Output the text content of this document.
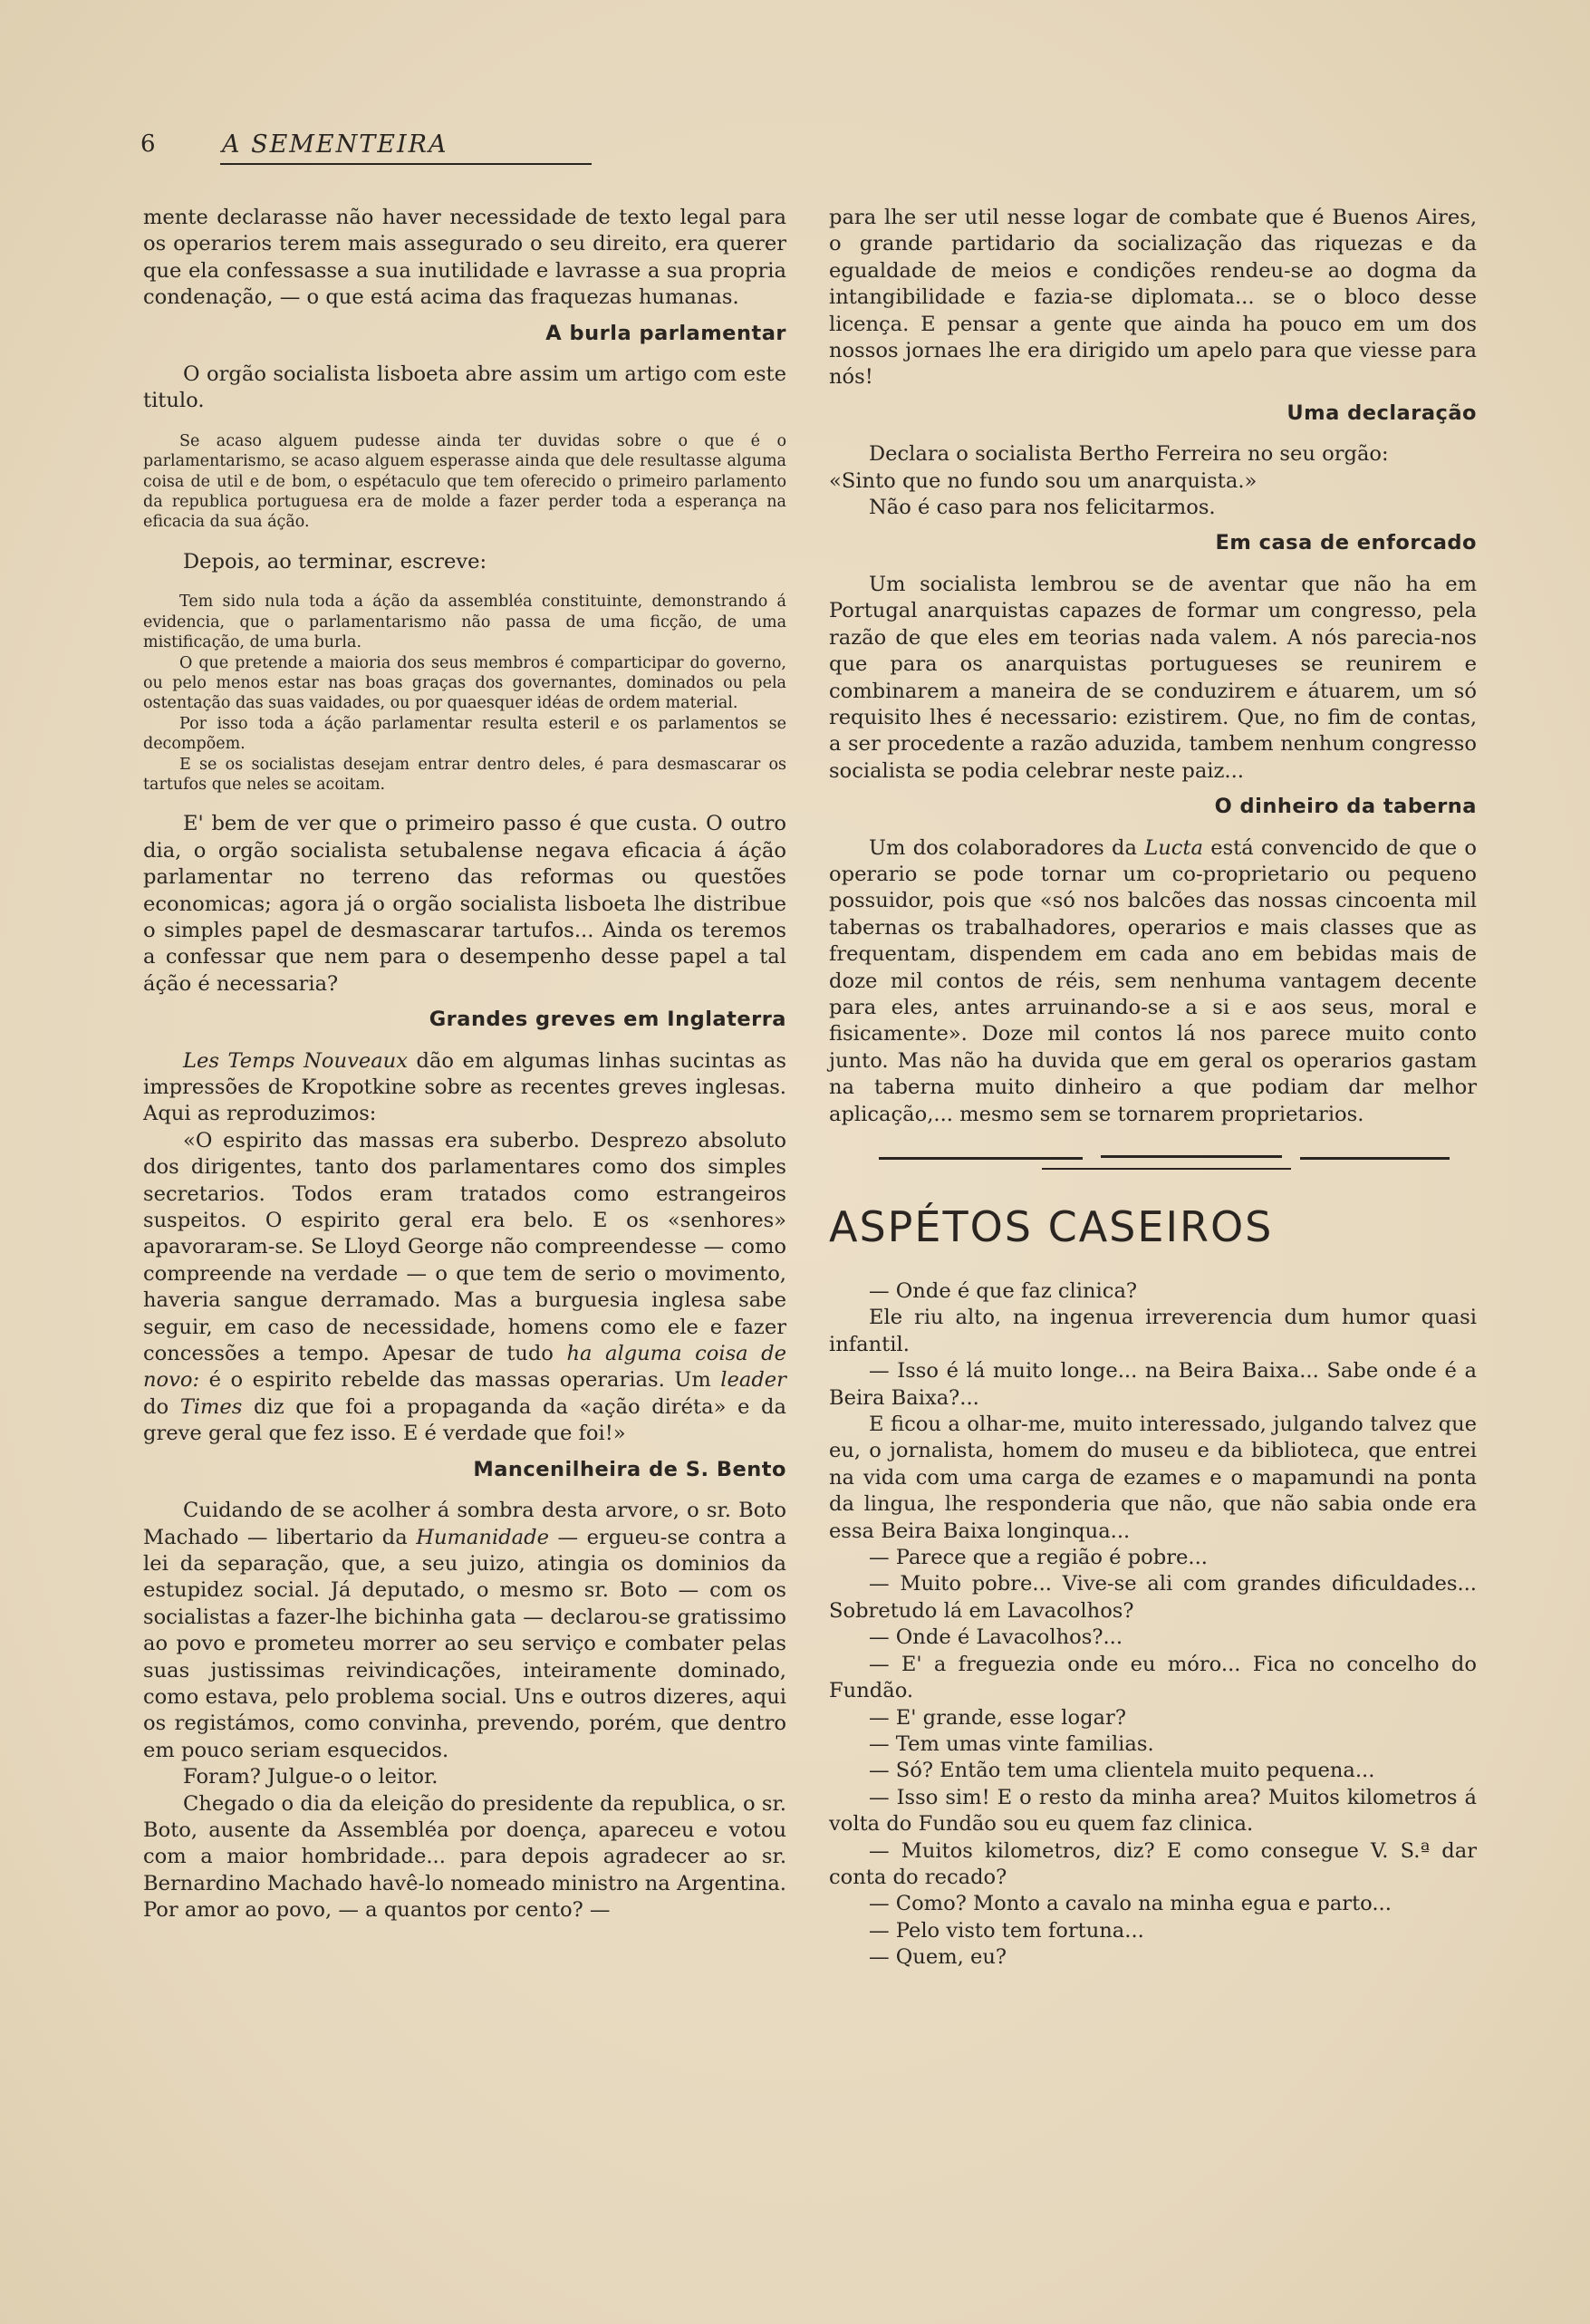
6	A SEMENTEIRA

mente declarasse não haver necessidade de texto legal para os operarios terem mais assegurado o seu direito, era querer que ela confessasse a sua inutilidade e lavrasse a sua propria condenação, — o que está acima das fraquezas humanas.

A burla parlamentar

O orgão socialista lisboeta abre assim um artigo com este titulo.

Se acaso alguem pudesse ainda ter duvidas sobre o que é o parlamentarismo, se acaso alguem esperasse ainda que dele resultasse alguma coisa de util e de bom, o espétaculo que tem oferecido o primeiro parlamento da republica portuguesa era de molde a fazer perder toda a esperança na eficacia da sua áção.

Depois, ao terminar, escreve:

Tem sido nula toda a áção da assembléa constituinte, demonstrando á evidencia, que o parlamentarismo não passa de uma ficção, de uma mistificação, de uma burla.

O que pretende a maioria dos seus membros é comparticipar do governo, ou pelo menos estar nas boas graças dos governantes, dominados ou pela ostentação das suas vaidades, ou por quaesquer idéas de ordem material.

Por isso toda a áção parlamentar resulta esteril e os parlamentos se decompõem.

E se os socialistas desejam entrar dentro deles, é para desmascarar os tartufos que neles se acoitam.

E' bem de ver que o primeiro passo é que custa. O outro dia, o orgão socialista setubalense negava eficacia á áção parlamentar no terreno das reformas ou questões economicas; agora já o orgão socialista lisboeta lhe distribue o simples papel de desmascarar tartufos... Ainda os teremos a confessar que nem para o desempenho desse papel a tal áção é necessaria?

Grandes greves em Inglaterra

Les Temps Nouveaux dão em algumas linhas sucintas as impressões de Kropotkine sobre as recentes greves inglesas. Aqui as reproduzimos:

«O espirito das massas era suberbo. Desprezo absoluto dos dirigentes, tanto dos parlamentares como dos simples secretarios. Todos eram tratados como estrangeiros suspeitos. O espirito geral era belo. E os «senhores» apavoraram-se. Se Lloyd George não compreendesse — como compreende na verdade — o que tem de serio o movimento, haveria sangue derramado. Mas a burguesia inglesa sabe seguir, em caso de necessidade, homens como ele e fazer concessões a tempo. Apesar de tudo ha alguma coisa de novo: é o espirito rebelde das massas operarias. Um leader do Times diz que foi a propaganda da «ação diréta» e da greve geral que fez isso. E é verdade que foi!»

Mancenilheira de S. Bento

Cuidando de se acolher á sombra desta arvore, o sr. Boto Machado — libertario da Humanidade — ergueu-se contra a lei da separação, que, a seu juizo, atingia os dominios da estupidez social. Já deputado, o mesmo sr. Boto — com os socialistas a fazer-lhe bichinha gata — declarou-se gratissimo ao povo e prometeu morrer ao seu serviço e combater pelas suas justissimas reivindicações, inteiramente dominado, como estava, pelo problema social. Uns e outros dizeres, aqui os registámos, como convinha, prevendo, porém, que dentro em pouco seriam esquecidos.

Foram? Julgue-o o leitor.

Chegado o dia da eleição do presidente da republica, o sr. Boto, ausente da Assembléa por doença, apareceu e votou com a maior hombridade... para depois agradecer ao sr. Bernardino Machado havê-lo nomeado ministro na Argentina. Por amor ao povo, — a quantos por cento? —

para lhe ser util nesse logar de combate que é Buenos Aires, o grande partidario da socialização das riquezas e da egualdade de meios e condições rendeu-se ao dogma da intangibilidade e fazia-se diplomata... se o bloco desse licença. E pensar a gente que ainda ha pouco em um dos nossos jornaes lhe era dirigido um apelo para que viesse para nós!

Uma declaração

Declara o socialista Bertho Ferreira no seu orgão:

«Sinto que no fundo sou um anarquista.»

Não é caso para nos felicitarmos.

Em casa de enforcado

Um socialista lembrou se de aventar que não ha em Portugal anarquistas capazes de formar um congresso, pela razão de que eles em teorias nada valem. A nós parecia-nos que para os anarquistas portugueses se reunirem e combinarem a maneira de se conduzirem e átuarem, um só requisito lhes é necessario: ezistirem. Que, no fim de contas, a ser procedente a razão aduzida, tambem nenhum congresso socialista se podia celebrar neste paiz...

O dinheiro da taberna

Um dos colaboradores da Lucta está convencido de que o operario se pode tornar um co-proprietario ou pequeno possuidor, pois que «só nos balcões das nossas cincoenta mil tabernas os trabalhadores, operarios e mais classes que as frequentam, dispendem em cada ano em bebidas mais de doze mil contos de réis, sem nenhuma vantagem decente para eles, antes arruinando-se a si e aos seus, moral e fisicamente». Doze mil contos lá nos parece muito conto junto. Mas não ha duvida que em geral os operarios gastam na taberna muito dinheiro a que podiam dar melhor aplicação,... mesmo sem se tornarem proprietarios.

ASPÉTOS CASEIROS

— Onde é que faz clinica?

Ele riu alto, na ingenua irreverencia dum humor quasi infantil.

— Isso é lá muito longe... na Beira Baixa... Sabe onde é a Beira Baixa?...

E ficou a olhar-me, muito interessado, julgando talvez que eu, o jornalista, homem do museu e da biblioteca, que entrei na vida com uma carga de ezames e o mapamundi na ponta da lingua, lhe responderia que não, que não sabia onde era essa Beira Baixa longinqua...

— Parece que a região é pobre...

— Muito pobre... Vive-se ali com grandes dificuldades... Sobretudo lá em Lavacolhos?

— Onde é Lavacolhos?...

— E' a freguezia onde eu móro... Fica no concelho do Fundão.

— E' grande, esse logar?

— Tem umas vinte familias.

— Só? Então tem uma clientela muito pequena...

— Isso sim! E o resto da minha area? Muitos kilometros á volta do Fundão sou eu quem faz clinica.

— Muitos kilometros, diz? E como consegue V. S.ª dar conta do recado?

— Como? Monto a cavalo na minha egua e parto...

— Pelo visto tem fortuna...

— Quem, eu?
